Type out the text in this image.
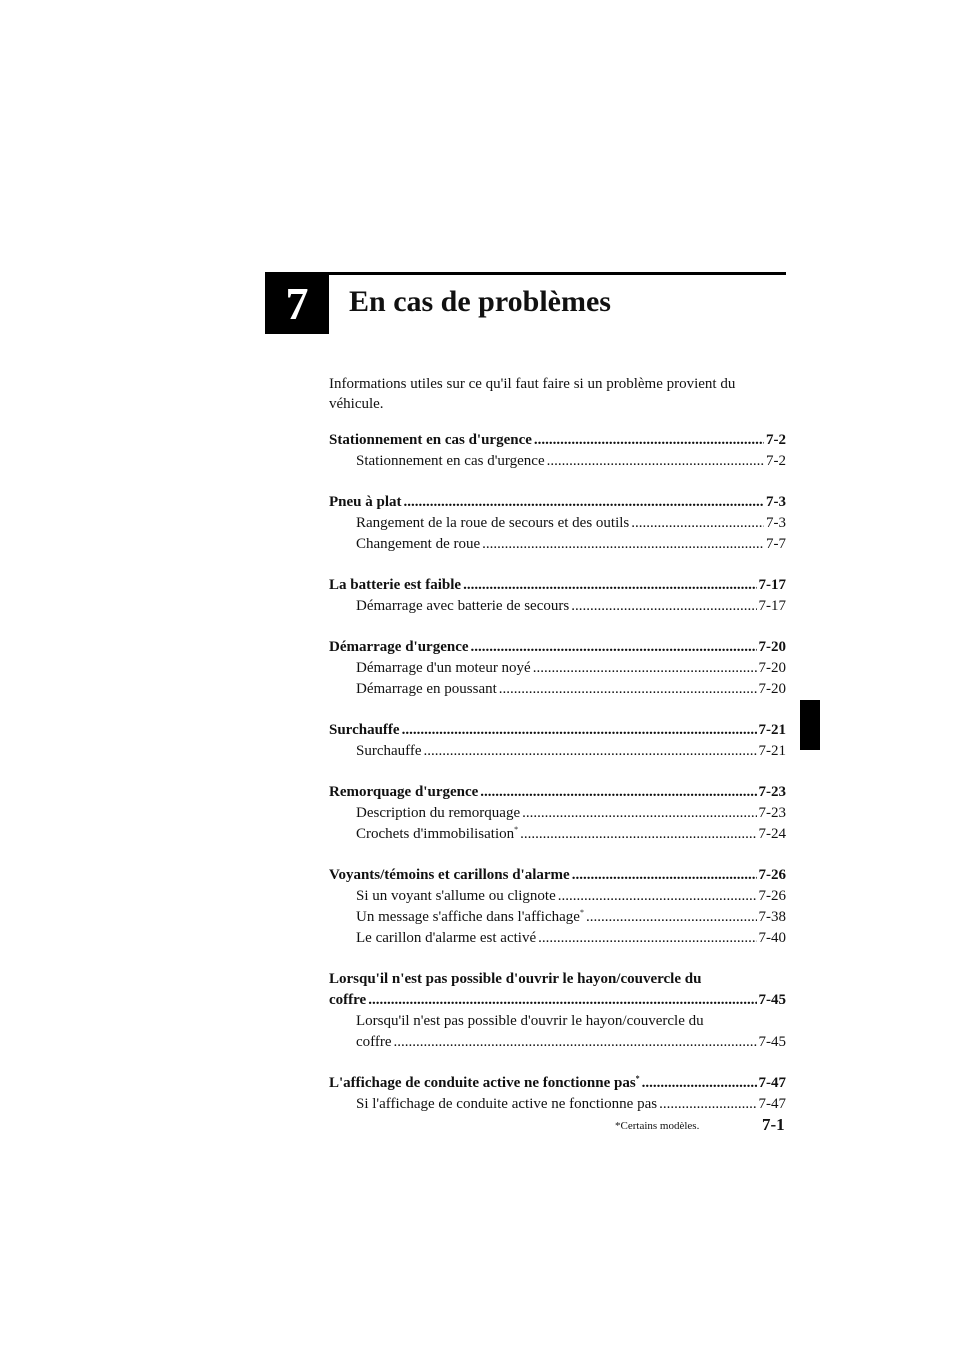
7 En cas de problèmes
Informations utiles sur ce qu'il faut faire si un problème provient du véhicule.
Stationnement en cas d'urgence .....	7-2
Stationnement en cas d'urgence .....	7-2
Pneu à plat .....	7-3
Rangement de la roue de secours et des outils .....	7-3
Changement de roue .....	7-7
La batterie est faible .....	7-17
Démarrage avec batterie de secours .....	7-17
Démarrage d'urgence .....	7-20
Démarrage d'un moteur noyé .....	7-20
Démarrage en poussant .....	7-20
Surchauffe .....	7-21
Surchauffe .....	7-21
Remorquage d'urgence .....	7-23
Description du remorquage .....	7-23
Crochets d'immobilisation* .....	7-24
Voyants/témoins et carillons d'alarme .....	7-26
Si un voyant s'allume ou clignote .....	7-26
Un message s'affiche dans l'affichage* .....	7-38
Le carillon d'alarme est activé .....	7-40
Lorsqu'il n'est pas possible d'ouvrir le hayon/couvercle du
coffre .....	7-45
Lorsqu'il n'est pas possible d'ouvrir le hayon/couvercle du
coffre .....	7-45
L'affichage de conduite active ne fonctionne pas* .....	7-47
Si l'affichage de conduite active ne fonctionne pas .....	7-47
*Certains modèles.	7-1
